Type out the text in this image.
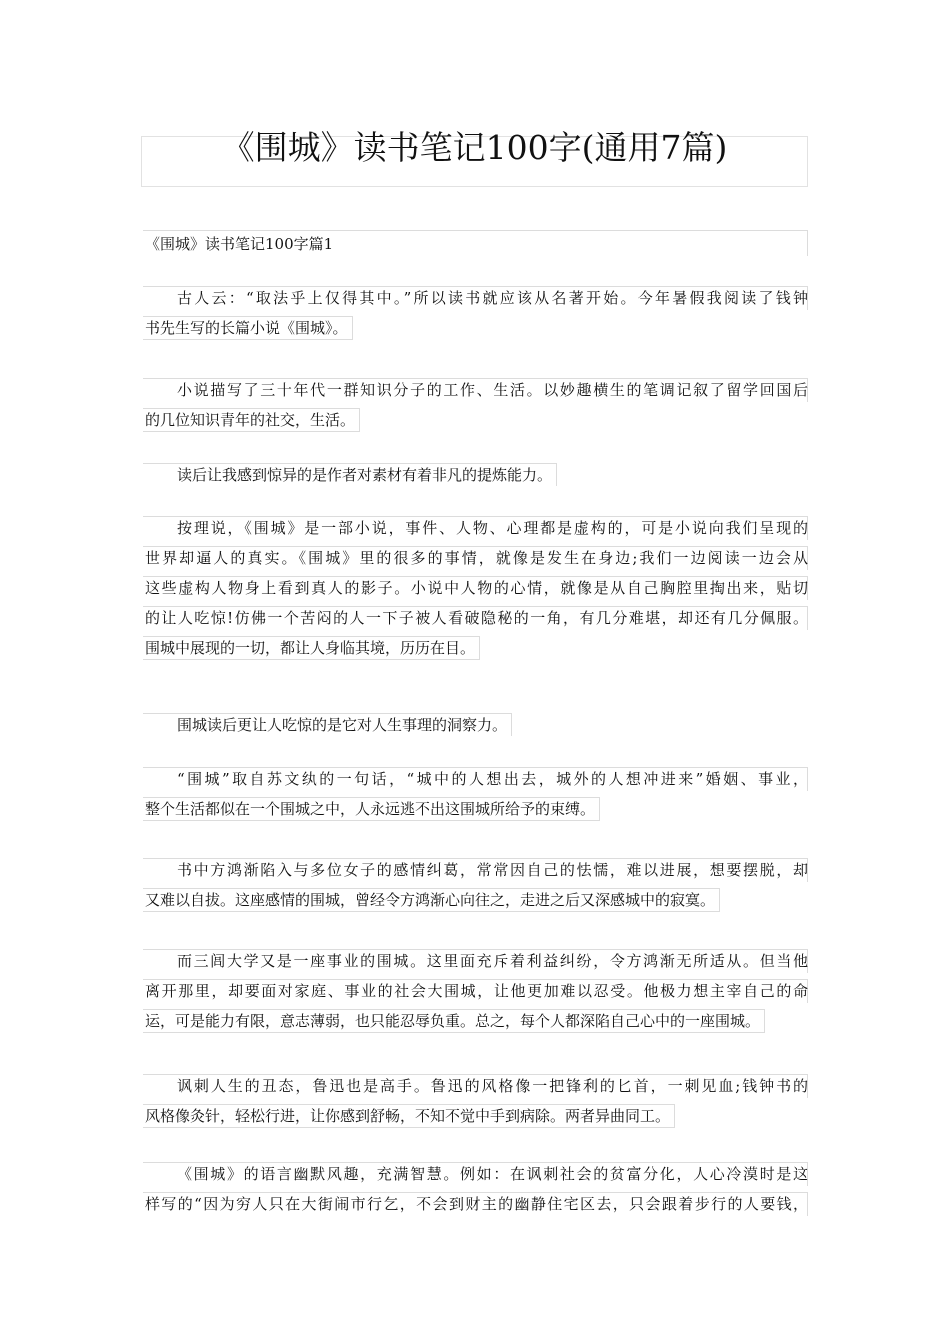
《围城》读书笔记100字(通用7篇)
《围城》读书笔记100字篇1
古人云：“取法乎上仅得其中。”所以读书就应该从名著开始。今年暑假我阅读了钱钟
书先生写的长篇小说《围城》。
小说描写了三十年代一群知识分子的工作、生活。以妙趣横生的笔调记叙了留学回国后
的几位知识青年的社交，生活。
读后让我感到惊异的是作者对素材有着非凡的提炼能力。
按理说，《围城》是一部小说，事件、人物、心理都是虚构的，可是小说向我们呈现的
世界却逼人的真实。《围城》里的很多的事情，就像是发生在身边;我们一边阅读一边会从
这些虚构人物身上看到真人的影子。小说中人物的心情，就像是从自己胸腔里掏出来，贴切
的让人吃惊!仿佛一个苦闷的人一下子被人看破隐秘的一角，有几分难堪，却还有几分佩服。
围城中展现的一切，都让人身临其境，历历在目。
围城读后更让人吃惊的是它对人生事理的洞察力。
“围城”取自苏文纨的一句话，“城中的人想出去，城外的人想冲进来”婚姻、事业，
整个生活都似在一个围城之中，人永远逃不出这围城所给予的束缚。
书中方鸿渐陷入与多位女子的感情纠葛，常常因自己的怯懦，难以进展，想要摆脱，却
又难以自拔。这座感情的围城，曾经令方鸿渐心向往之，走进之后又深感城中的寂寞。
而三闾大学又是一座事业的围城。这里面充斥着利益纠纷，令方鸿渐无所适从。但当他
离开那里，却要面对家庭、事业的社会大围城，让他更加难以忍受。他极力想主宰自己的命
运，可是能力有限，意志薄弱，也只能忍辱负重。总之，每个人都深陷自己心中的一座围城。
讽刺人生的丑态，鲁迅也是高手。鲁迅的风格像一把锋利的匕首，一刺见血;钱钟书的
风格像灸针，轻松行进，让你感到舒畅，不知不觉中手到病除。两者异曲同工。
《围城》的语言幽默风趣，充满智慧。例如：在讽刺社会的贫富分化，人心冷漠时是这
样写的“因为穷人只在大街闹市行乞，不会到财主的幽静住宅区去，只会跟着步行的人要钱，
